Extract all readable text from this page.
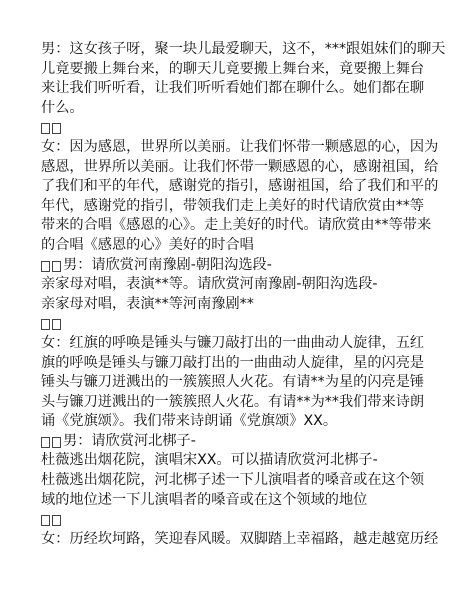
男：这女孩子呀，聚一块儿最爱聊天，这不，***跟姐妹们的聊天
儿竟要搬上舞台来，的聊天儿竟要搬上舞台来，竟要搬上舞台
来让我们听听看，让我们听听看她们都在聊什么。她们都在聊
什么。
女：因为感恩，世界所以美丽。让我们怀带一颗感恩的心，因为
感恩，世界所以美丽。让我们怀带一颗感恩的心，感谢祖国，给
了我们和平的年代，感谢党的指引，感谢祖国，给了我们和平的
年代，感谢党的指引，带领我们走上美好的时代请欣赏由**等
带来的合唱《感恩的心》。走上美好的时代。请欣赏由**等带来
的合唱《感恩的心》美好的时合唱
男：请欣赏河南豫剧-朝阳沟选段-
亲家母对唱，表演**等。请欣赏河南豫剧-朝阳沟选段-
亲家母对唱，表演**等河南豫剧**
女：红旗的呼唤是锤头与镰刀敲打出的一曲曲动人旋律，五红
旗的呼唤是锤头与镰刀敲打出的一曲曲动人旋律，星的闪亮是
锤头与镰刀迸溅出的一簇簇照人火花。有请**为星的闪亮是锤
头与镰刀迸溅出的一簇簇照人火花。有请**为**我们带来诗朗
诵《党旗颂》。我们带来诗朗诵《党旗颂》XX。
男：请欣赏河北梆子-
杜薇逃出烟花院，演唱宋XX。可以描请欣赏河北梆子-
杜薇逃出烟花院，河北梆子述一下儿演唱者的嗓音或在这个领
域的地位述一下儿演唱者的嗓音或在这个领域的地位
女：历经坎坷路，笑迎春风暖。双脚踏上幸福路，越走越宽历经
